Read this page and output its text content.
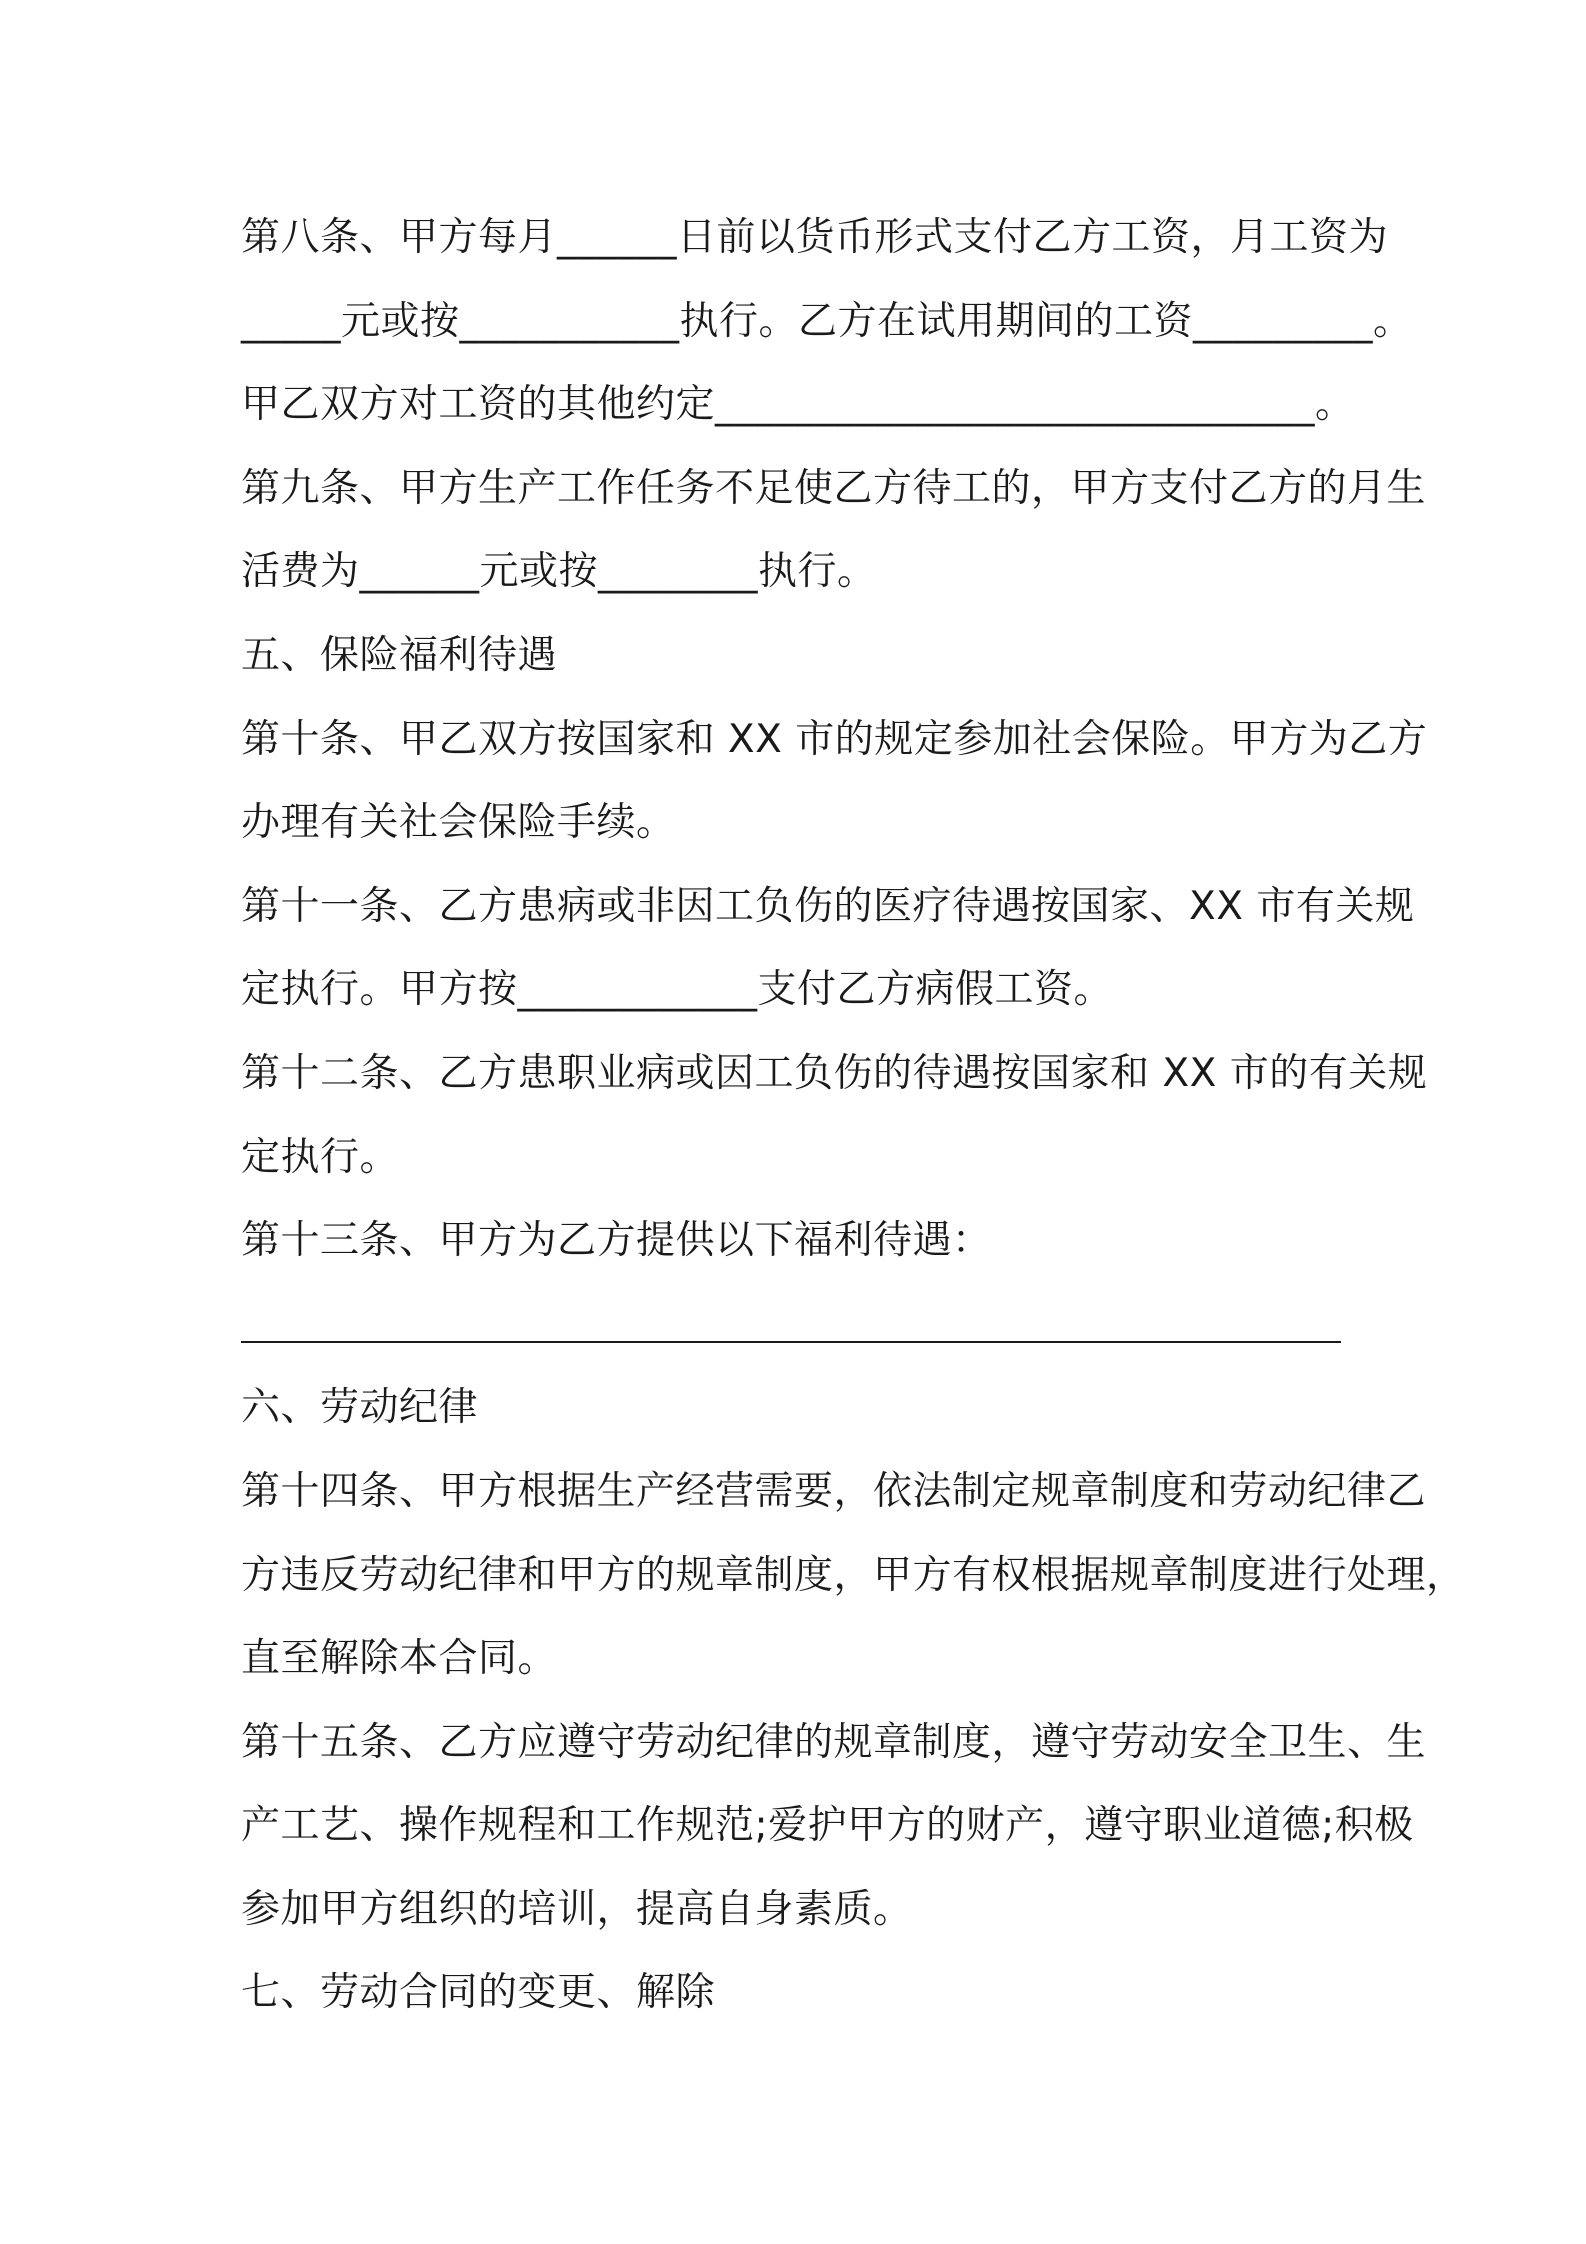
第八条、甲方每月______日前以货币形式支付乙方工资，月工资为
_____元或按___________执行。乙方在试用期间的工资_________。
甲乙双方对工资的其他约定______________________________。
第九条、甲方生产工作任务不足使乙方待工的，甲方支付乙方的月生
活费为______元或按________执行。
五、保险福利待遇
第十条、甲乙双方按国家和 XX 市的规定参加社会保险。甲方为乙方
办理有关社会保险手续。
第十一条、乙方患病或非因工负伤的医疗待遇按国家、XX 市有关规
定执行。甲方按____________支付乙方病假工资。
第十二条、乙方患职业病或因工负伤的待遇按国家和 XX 市的有关规
定执行。
第十三条、甲方为乙方提供以下福利待遇：
六、劳动纪律
第十四条、甲方根据生产经营需要，依法制定规章制度和劳动纪律乙
方违反劳动纪律和甲方的规章制度，甲方有权根据规章制度进行处理，
直至解除本合同。
第十五条、乙方应遵守劳动纪律的规章制度，遵守劳动安全卫生、生
产工艺、操作规程和工作规范;爱护甲方的财产，遵守职业道德;积极
参加甲方组织的培训，提高自身素质。
七、劳动合同的变更、解除
